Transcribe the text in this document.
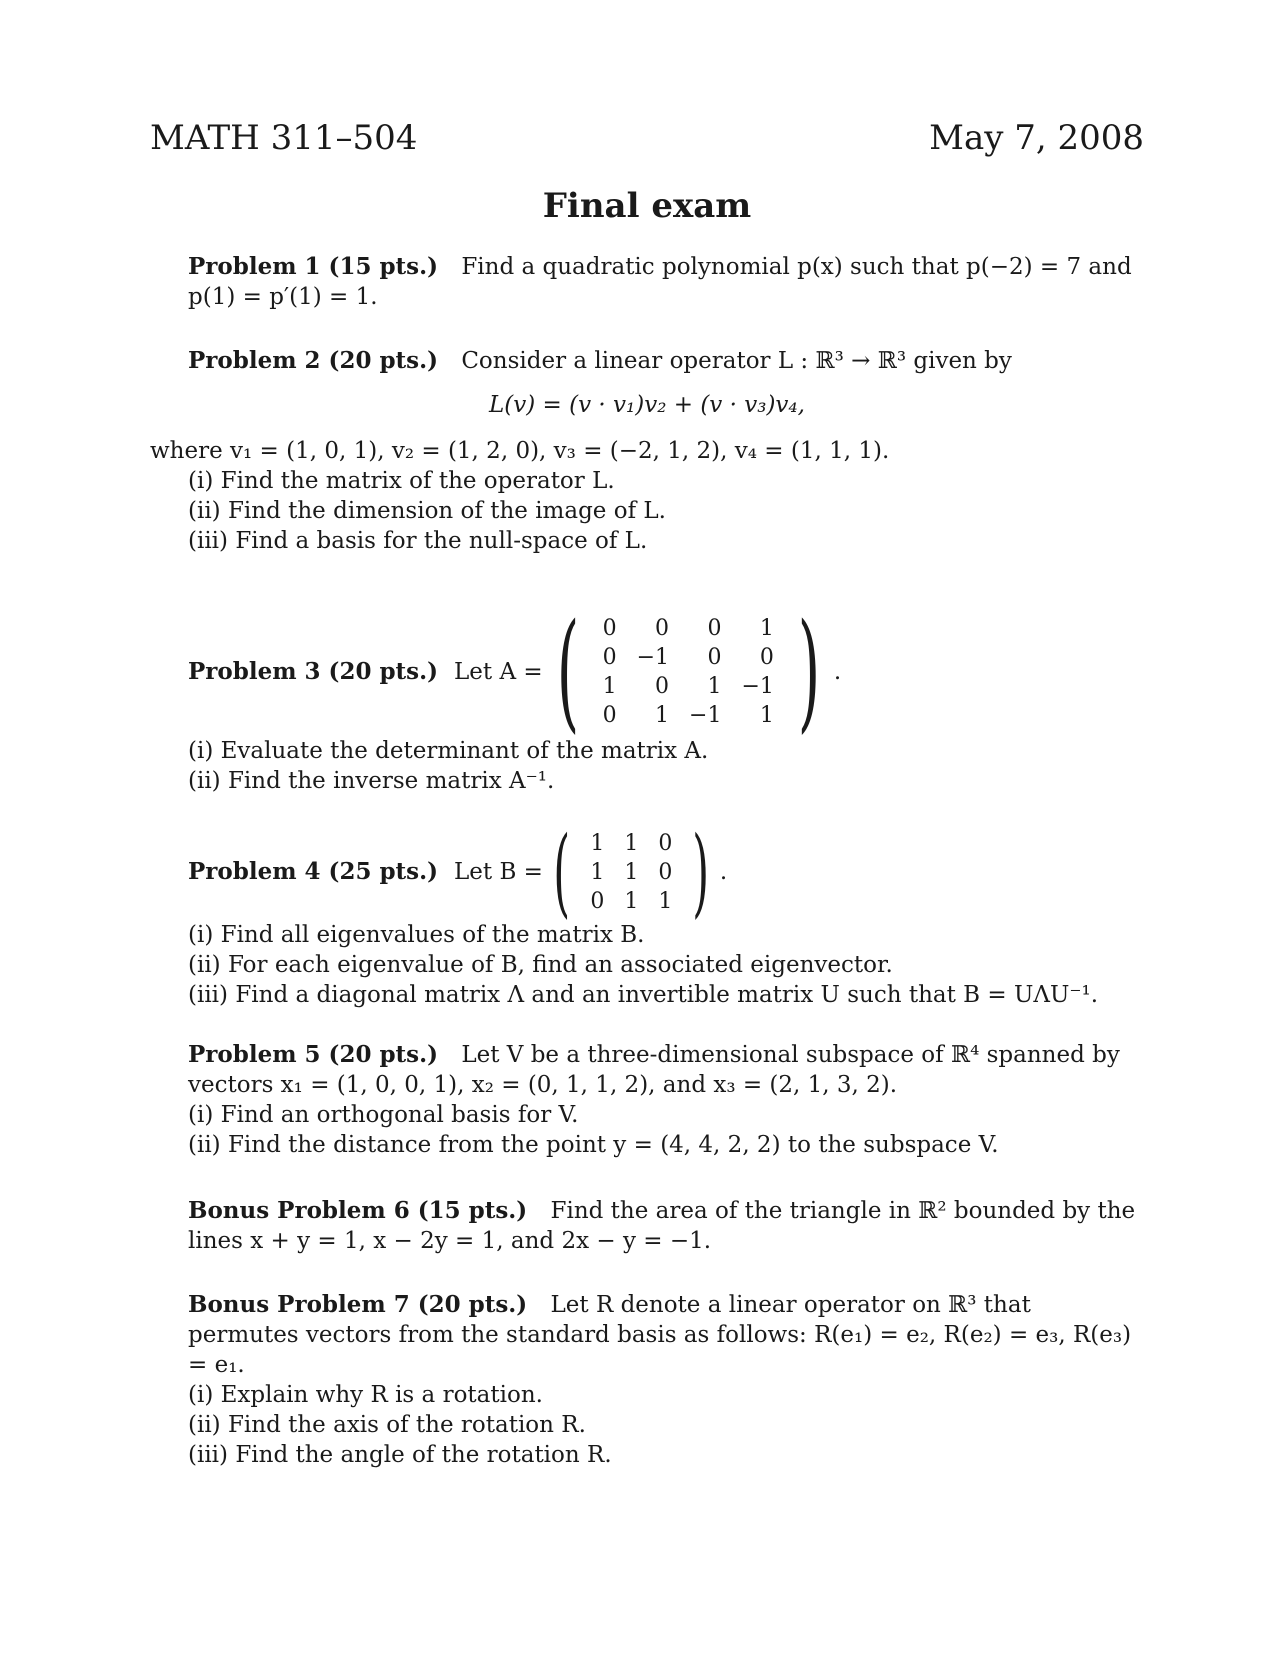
MATH 311–504	May 7, 2008
Final exam
Problem 1 (15 pts.) Find a quadratic polynomial p(x) such that p(−2) = 7 and p(1) = p′(1) = 1.
Problem 2 (20 pts.) Consider a linear operator L : ℝ³ → ℝ³ given by
L(v) = (v · v₁)v₂ + (v · v₃)v₄,
where v₁ = (1, 0, 1), v₂ = (1, 2, 0), v₃ = (−2, 1, 2), v₄ = (1, 1, 1).
(i) Find the matrix of the operator L.
(ii) Find the dimension of the image of L.
(iii) Find a basis for the null-space of L.
Problem 3 (20 pts.) Let A = ( 0	0	0	1
0	−1	0	0
1	0	1	−1
0	1	−1	1 ) .
(i) Evaluate the determinant of the matrix A.
(ii) Find the inverse matrix A⁻¹.
Problem 4 (25 pts.) Let B = ( 1	1	0
1	1	0
0	1	1 ) .
(i) Find all eigenvalues of the matrix B.
(ii) For each eigenvalue of B, find an associated eigenvector.
(iii) Find a diagonal matrix Λ and an invertible matrix U such that B = UΛU⁻¹.
Problem 5 (20 pts.) Let V be a three-dimensional subspace of ℝ⁴ spanned by vectors x₁ = (1, 0, 0, 1), x₂ = (0, 1, 1, 2), and x₃ = (2, 1, 3, 2).
(i) Find an orthogonal basis for V.
(ii) Find the distance from the point y = (4, 4, 2, 2) to the subspace V.
Bonus Problem 6 (15 pts.) Find the area of the triangle in ℝ² bounded by the lines x + y = 1, x − 2y = 1, and 2x − y = −1.
Bonus Problem 7 (20 pts.) Let R denote a linear operator on ℝ³ that permutes vectors from the standard basis as follows: R(e₁) = e₂, R(e₂) = e₃, R(e₃) = e₁.
(i) Explain why R is a rotation.
(ii) Find the axis of the rotation R.
(iii) Find the angle of the rotation R.
